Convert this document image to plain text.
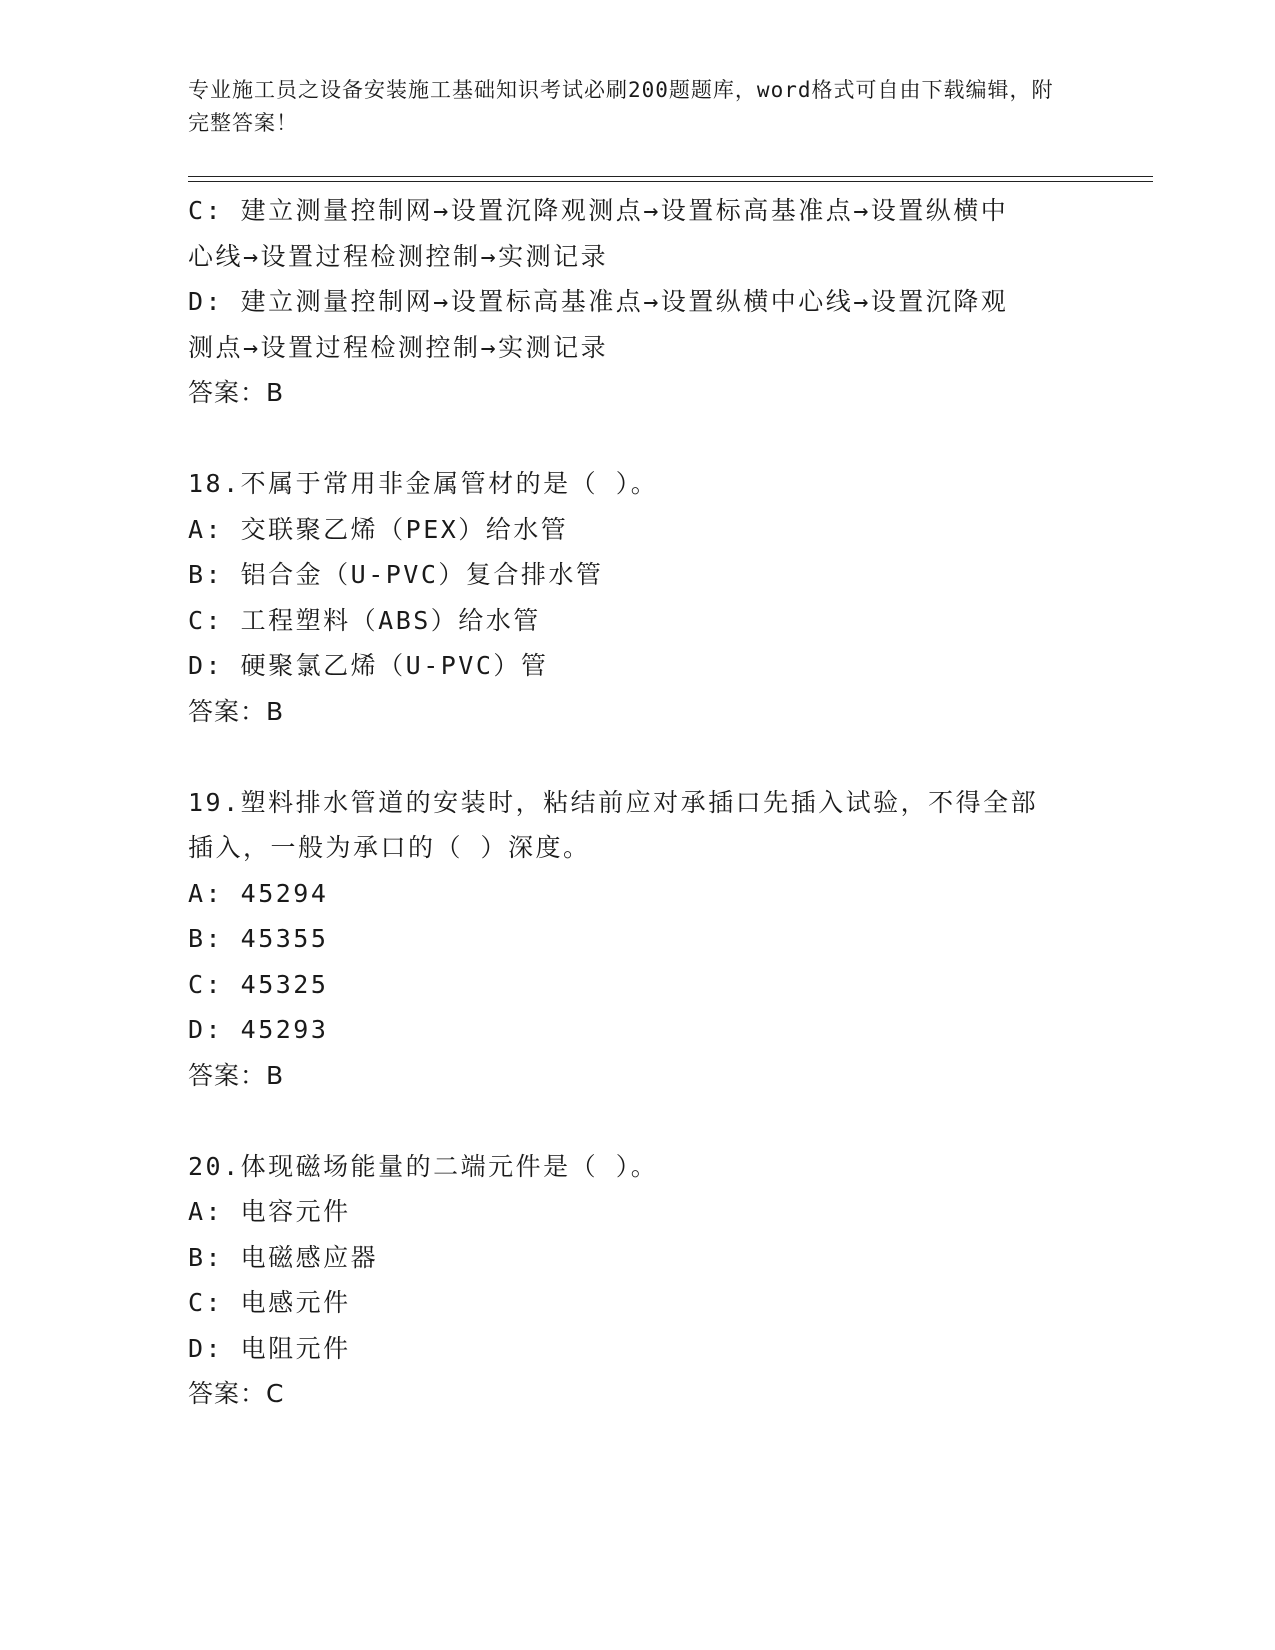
专业施工员之设备安装施工基础知识考试必刷200题题库，word格式可自由下载编辑，附完整答案！
C: 建立测量控制网→设置沉降观测点→设置标高基准点→设置纵横中
心线→设置过程检测控制→实测记录
D: 建立测量控制网→设置标高基准点→设置纵横中心线→设置沉降观
测点→设置过程检测控制→实测记录
答案：B
18.不属于常用非金属管材的是（ ）。
A: 交联聚乙烯（PEX）给水管
B: 铝合金（U-PVC）复合排水管
C: 工程塑料（ABS）给水管
D: 硬聚氯乙烯（U-PVC）管
答案：B
19.塑料排水管道的安装时，粘结前应对承插口先插入试验，不得全部
插入，一般为承口的（ ）深度。
A: 45294
B: 45355
C: 45325
D: 45293
答案：B
20.体现磁场能量的二端元件是（ ）。
A: 电容元件
B: 电磁感应器
C: 电感元件
D: 电阻元件
答案：C
